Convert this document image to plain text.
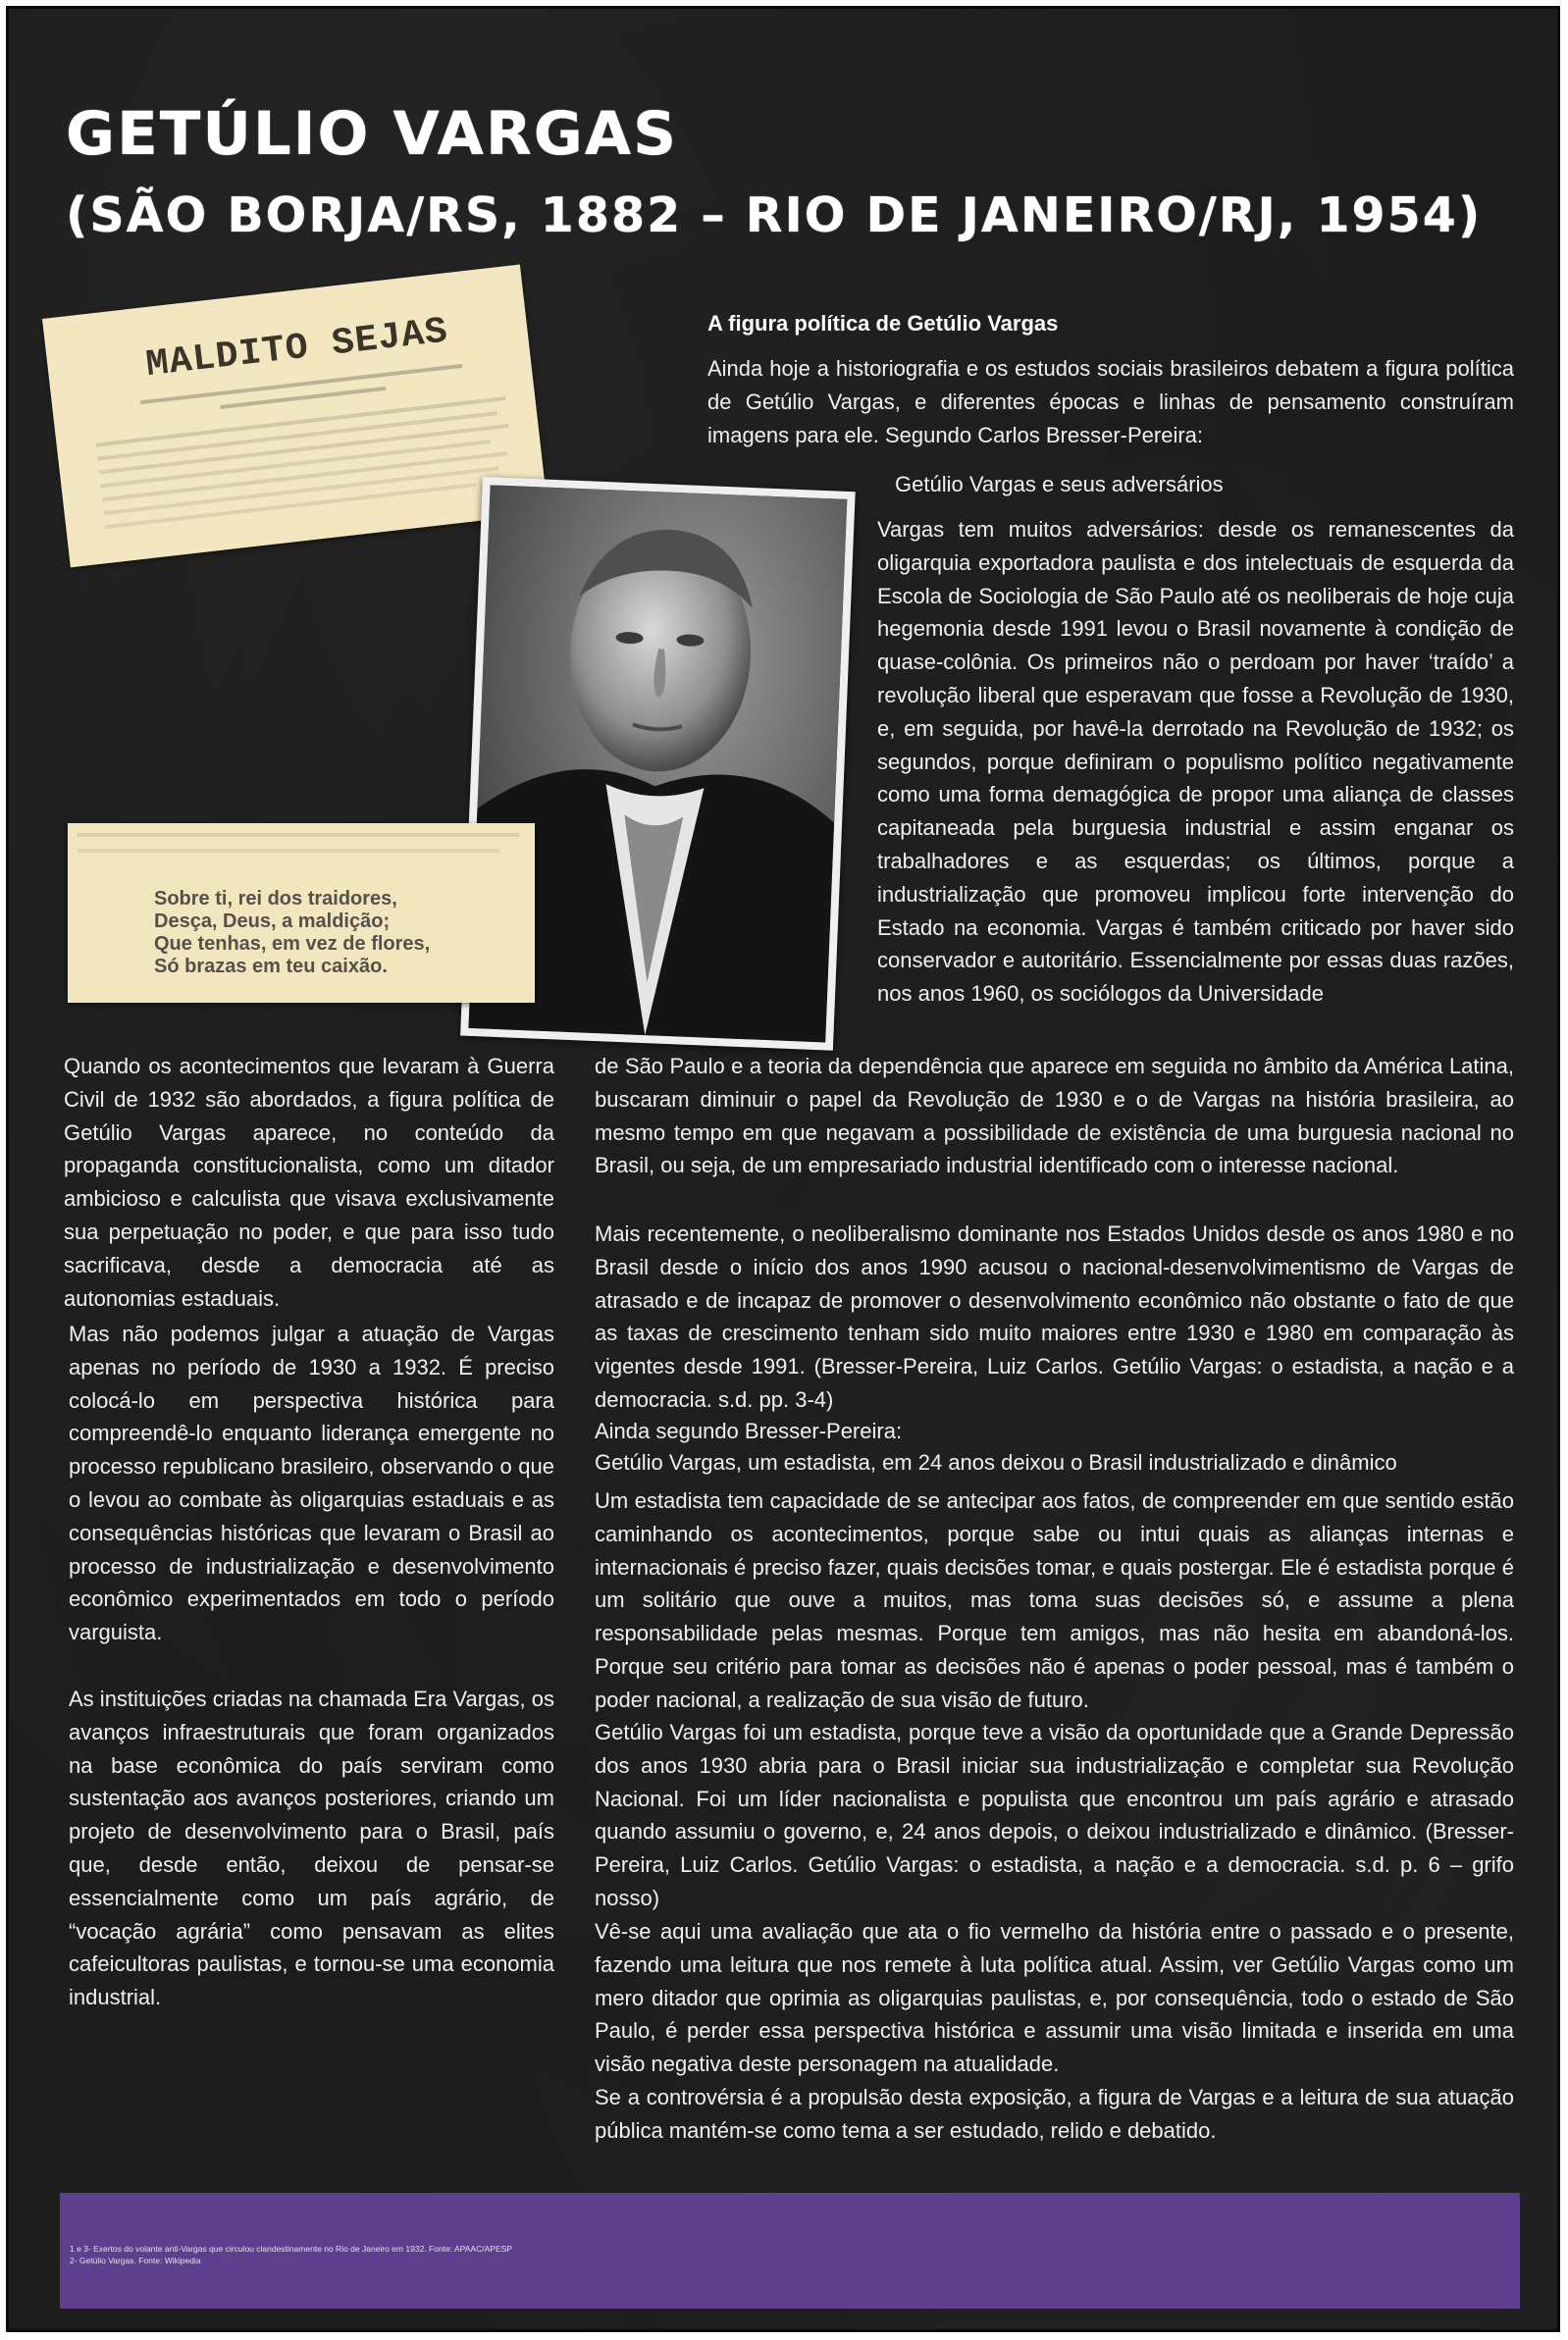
GETÚLIO VARGAS
(SÃO BORJA/RS, 1882 – RIO DE JANEIRO/RJ, 1954)
MALDITO SEJAS
Sobre ti, rei dos traidores,
Desça, Deus, a maldição;
Que tenhas, em vez de flores,
Só brazas em teu caixão.
A figura política de Getúlio Vargas

Ainda hoje a historiografia e os estudos sociais brasileiros debatem a figura política de Getúlio Vargas, e diferentes épocas e linhas de pensamento construíram imagens para ele. Segundo Carlos Bresser-Pereira:

Getúlio Vargas e seus adversários

Vargas tem muitos adversários: desde os remanescentes da oligarquia exportadora paulista e dos intelectuais de esquerda da Escola de Sociologia de São Paulo até os neoliberais de hoje cuja hegemonia desde 1991 levou o Brasil novamente à condição de quase-colônia. Os primeiros não o perdoam por haver ‘traído’ a revolução liberal que esperavam que fosse a Revolução de 1930, e, em seguida, por havê-la derrotado na Revolução de 1932; os segundos, porque definiram o populismo político negativamente como uma forma demagógica de propor uma aliança de classes capitaneada pela burguesia industrial e assim enganar os trabalhadores e as esquerdas; os últimos, porque a industrialização que promoveu implicou forte intervenção do Estado na economia. Vargas é também criticado por haver sido conservador e autoritário. Essencialmente por essas duas razões, nos anos 1960, os sociólogos da Universidade

de São Paulo e a teoria da dependência que aparece em seguida no âmbito da América Latina, buscaram diminuir o papel da Revolução de 1930 e o de Vargas na história brasileira, ao mesmo tempo em que negavam a possibilidade de existência de uma burguesia nacional no Brasil, ou seja, de um empresariado industrial identificado com o interesse nacional.

Mais recentemente, o neoliberalismo dominante nos Estados Unidos desde os anos 1980 e no Brasil desde o início dos anos 1990 acusou o nacional-desenvolvimentismo de Vargas de atrasado e de incapaz de promover o desenvolvimento econômico não obstante o fato de que as taxas de crescimento tenham sido muito maiores entre 1930 e 1980 em comparação às vigentes desde 1991. (Bresser-Pereira, Luiz Carlos. Getúlio Vargas: o estadista, a nação e a democracia. s.d. pp. 3-4)

Ainda segundo Bresser-Pereira:
Getúlio Vargas, um estadista, em 24 anos deixou o Brasil industrializado e dinâmico

Um estadista tem capacidade de se antecipar aos fatos, de compreender em que sentido estão caminhando os acontecimentos, porque sabe ou intui quais as alianças internas e internacionais é preciso fazer, quais decisões tomar, e quais postergar. Ele é estadista porque é um solitário que ouve a muitos, mas toma suas decisões só, e assume a plena responsabilidade pelas mesmas. Porque tem amigos, mas não hesita em abandoná-los. Porque seu critério para tomar as decisões não é apenas o poder pessoal, mas é também o poder nacional, a realização de sua visão de futuro.

Getúlio Vargas foi um estadista, porque teve a visão da oportunidade que a Grande Depressão dos anos 1930 abria para o Brasil iniciar sua industrialização e completar sua Revolução Nacional. Foi um líder nacionalista e populista que encontrou um país agrário e atrasado quando assumiu o governo, e, 24 anos depois, o deixou industrializado e dinâmico. (Bresser-Pereira, Luiz Carlos. Getúlio Vargas: o estadista, a nação e a democracia. s.d. p. 6 – grifo nosso)

Vê-se aqui uma avaliação que ata o fio vermelho da história entre o passado e o presente, fazendo uma leitura que nos remete à luta política atual. Assim, ver Getúlio Vargas como um mero ditador que oprimia as oligarquias paulistas, e, por consequência, todo o estado de São Paulo, é perder essa perspectiva histórica e assumir uma visão limitada e inserida em uma visão negativa deste personagem na atualidade.

Se a controvérsia é a propulsão desta exposição, a figura de Vargas e a leitura de sua atuação pública mantém-se como tema a ser estudado, relido e debatido.

Quando os acontecimentos que levaram à Guerra Civil de 1932 são abordados, a figura política de Getúlio Vargas aparece, no conteúdo da propaganda constitucionalista, como um ditador ambicioso e calculista que visava exclusivamente sua perpetuação no poder, e que para isso tudo sacrificava, desde a democracia até as autonomias estaduais.

Mas não podemos julgar a atuação de Vargas apenas no período de 1930 a 1932. É preciso colocá-lo em perspectiva histórica para compreendê-lo enquanto liderança emergente no processo republicano brasileiro, observando o que o levou ao combate às oligarquias estaduais e as consequências históricas que levaram o Brasil ao processo de industrialização e desenvolvimento econômico experimentados em todo o período varguista.

As instituições criadas na chamada Era Vargas, os avanços infraestruturais que foram organizados na base econômica do país serviram como sustentação aos avanços posteriores, criando um projeto de desenvolvimento para o Brasil, país que, desde então, deixou de pensar-se essencialmente como um país agrário, de “vocação agrária” como pensavam as elites cafeicultoras paulistas, e tornou-se uma economia industrial.

1 e 3- Exertos do volante anti-Vargas que circulou clandestinamente no Rio de Janeiro em 1932. Fonte: APAAC/APESP
2- Getúlio Vargas. Fonte: Wikipedia
